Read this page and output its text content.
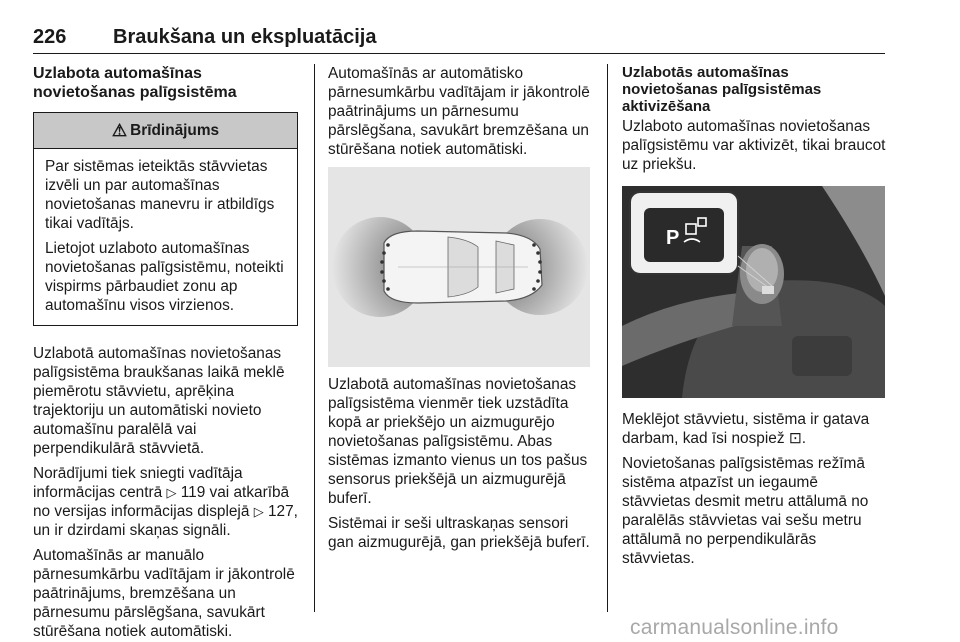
226 Braukšana un ekspluatācija
Uzlabota automašīnas
novietošanas palīgsistēma
⚠ Brīdinājums

Par sistēmas ieteiktās stāvvietas izvēli un par automašīnas novietošanas manevru ir atbildīgs tikai vadītājs.

Lietojot uzlaboto automašīnas novietošanas palīgsistēmu, noteikti vispirms pārbaudiet zonu ap automašīnu visos virzienos.

Uzlabotā automašīnas novietošanas palīgsistēma braukšanas laikā meklē piemērotu stāvvietu, aprēķina trajektoriju un automātiski novieto automašīnu paralēlā vai perpendikulārā stāvvietā.

Norādījumi tiek sniegti vadītāja informācijas centrā ▷ 119 vai atkarībā no versijas informācijas displejā ▷ 127, un ir dzirdami skaņas signāli.

Automašīnās ar manuālo pārnesumkārbu vadītājam ir jākontrolē paātrinājums, bremzēšana un pārnesumu pārslēgšana, savukārt stūrēšana notiek automātiski.

Automašīnās ar automātisko pārnesumkārbu vadītājam ir jākontrolē paātrinājums un pārnesumu pārslēgšana, savukārt bremzēšana un stūrēšana notiek automātiski.

Uzlabotā automašīnas novietošanas palīgsistēma vienmēr tiek uzstādīta kopā ar priekšējo un aizmugurējo novietošanas palīgsistēmu. Abas sistēmas izmanto vienus un tos pašus sensorus priekšējā un aizmugurējā buferī.

Sistēmai ir seši ultraskaņas sensori gan aizmugurējā, gan priekšējā buferī.

Uzlabotās automašīnas
novietošanas palīgsistēmas
aktivizēšana

Uzlaboto automašīnas novietošanas palīgsistēmu var aktivizēt, tikai braucot uz priekšu.

P

Meklējot stāvvietu, sistēma ir gatava darbam, kad īsi nospiež ⊡.

Novietošanas palīgsistēmas režīmā sistēma atpazīst un iegaumē stāvvietas desmit metru attālumā no paralēlās stāvvietas vai sešu metru attālumā no perpendikulārās stāvvietas.

carmanualsonline.info
